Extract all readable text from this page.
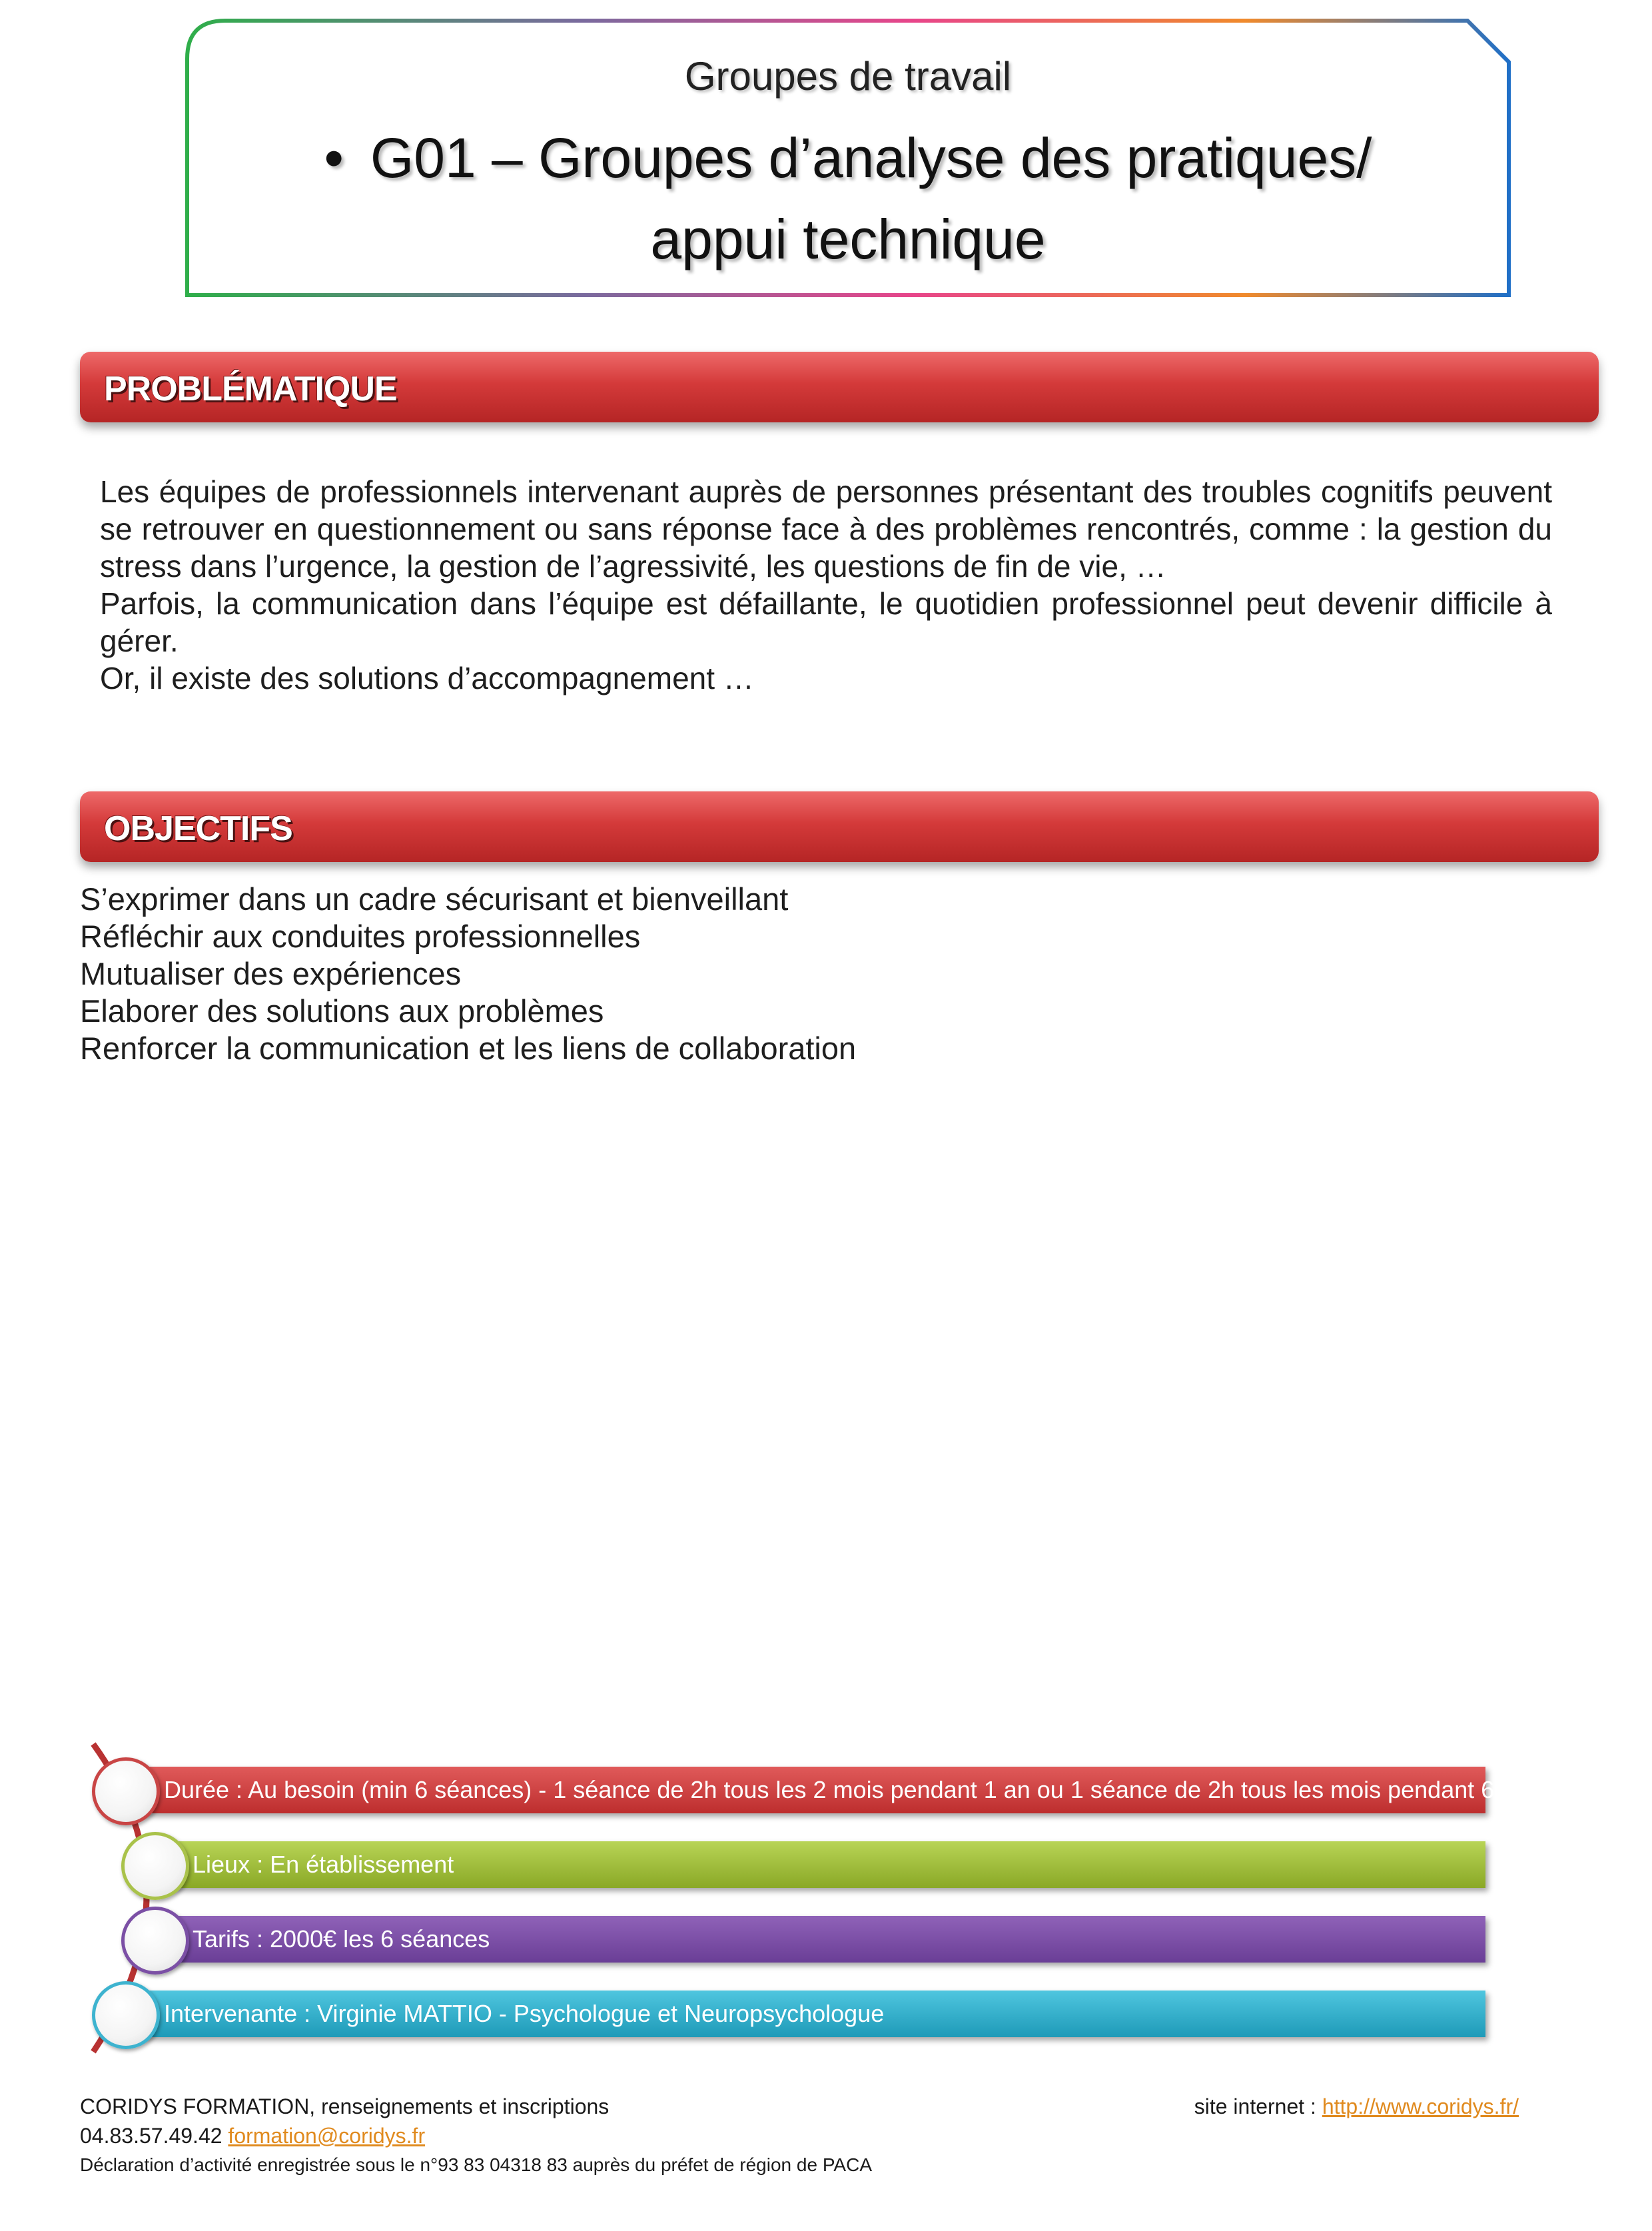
Groupes de travail
• G01 – Groupes d’analyse des pratiques/ appui technique
PROBLÉMATIQUE

Les équipes de professionnels intervenant auprès de personnes présentant des troubles cognitifs peuvent se retrouver en questionnement ou sans réponse face à des problèmes rencontrés, comme : la gestion du stress dans l’urgence, la gestion de l’agressivité, les questions de fin de vie, …

Parfois, la communication dans l’équipe est défaillante, le quotidien professionnel peut devenir difficile à gérer.

Or, il existe des solutions d’accompagnement …

OBJECTIFS
S’exprimer dans un cadre sécurisant et bienveillant
Réfléchir aux conduites professionnelles
Mutualiser des expériences
Elaborer des solutions aux problèmes
Renforcer la communication et les liens de collaboration
Durée : Au besoin (min 6 séances) - 1 séance de 2h tous les 2 mois pendant 1 an ou 1 séance de 2h tous les mois pendant 6 mois
Lieux : En établissement
Tarifs : 2000€ les 6 séances
Intervenante : Virginie MATTIO - Psychologue et Neuropsychologue
CORIDYS FORMATION, renseignements et inscriptions
04.83.57.49.42 formation@coridys.fr
Déclaration d’activité enregistrée sous le n°93 83 04318 83 auprès du préfet de région de PACA
site internet : http://www.coridys.fr/
